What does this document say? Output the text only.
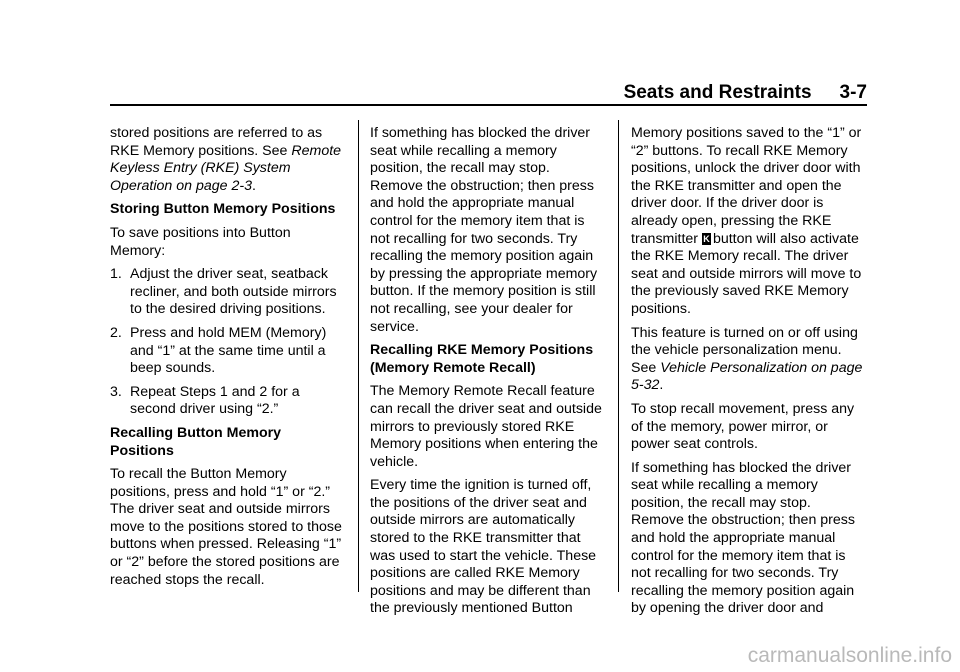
Seats and Restraints 3-7

stored positions are referred to as RKE Memory positions. See Remote Keyless Entry (RKE) System Operation on page 2-3.

Storing Button Memory Positions

To save positions into Button Memory:

1. Adjust the driver seat, seatback recliner, and both outside mirrors to the desired driving positions.
2. Press and hold MEM (Memory) and “1” at the same time until a beep sounds.
3. Repeat Steps 1 and 2 for a second driver using “2.”

Recalling Button Memory Positions

To recall the Button Memory positions, press and hold “1” or “2.” The driver seat and outside mirrors move to the positions stored to those buttons when pressed. Releasing “1” or “2” before the stored positions are reached stops the recall.

If something has blocked the driver seat while recalling a memory position, the recall may stop. Remove the obstruction; then press and hold the appropriate manual control for the memory item that is not recalling for two seconds. Try recalling the memory position again by pressing the appropriate memory button. If the memory position is still not recalling, see your dealer for service.

Recalling RKE Memory Positions (Memory Remote Recall)

The Memory Remote Recall feature can recall the driver seat and outside mirrors to previously stored RKE Memory positions when entering the vehicle.

Every time the ignition is turned off, the positions of the driver seat and outside mirrors are automatically stored to the RKE transmitter that was used to start the vehicle. These positions are called RKE Memory positions and may be different than the previously mentioned Button

Memory positions saved to the “1” or “2” buttons. To recall RKE Memory positions, unlock the driver door with the RKE transmitter and open the driver door. If the driver door is already open, pressing the RKE transmitter K button will also activate the RKE Memory recall. The driver seat and outside mirrors will move to the previously saved RKE Memory positions.

This feature is turned on or off using the vehicle personalization menu. See Vehicle Personalization on page 5-32.

To stop recall movement, press any of the memory, power mirror, or power seat controls.

If something has blocked the driver seat while recalling a memory position, the recall may stop. Remove the obstruction; then press and hold the appropriate manual control for the memory item that is not recalling for two seconds. Try recalling the memory position again by opening the driver door and

carmanualsonline.info
